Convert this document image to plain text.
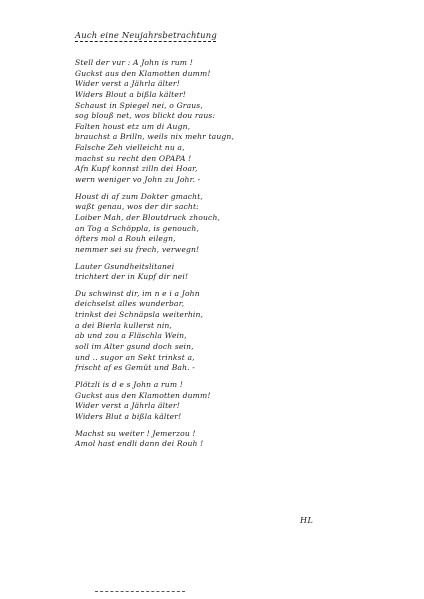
Auch eine Neujahrsbetrachtung
Stell der vur : A John is rum !
Guckst aus den Klamotten dumm!
Wider verst a Jährla älter!
Widers Blout a bißla kälter!
Schaust in Spiegel nei, o Graus,
sog blouß net, wos blickt dou raus:
Falten houst etz um di Augn,
brauchst a Brilln, weils nix mehr taugn,
Falsche Zeh vielleicht nu a,
machst su recht den OPAPA !
Afn Kupf konnst zilln dei Hoar,
wern weniger vo John zu Johr. -
Houst di af zum Dokter gmacht,
waßt genau, wos der dir sacht:
Loiber Mah, der Bloutdruck zhouch,
an Tog a Schöppla, is genouch,
öfters mol a Rouh eilegn,
nemmer sei su frech, verwegn!
Lauter Gsundheitslitanei
trichtert der in Kupf dir nei!
Du schwinst dir, im n e i a John
deichselst alles wunderbar,
trinkst dei Schnäpsla weiterhin,
a dei Bierla kullerst nin,
ab und zou a Fläschla Wein,
soll im Alter gsund doch sein,
und .. sugor an Sekt trinkst a,
frischt af es Gemüt und Bah. -
Plötzli is d e s John a rum !
Guckst aus den Klamotten dumm!
Wider verst a Jährla älter!
Widers Blut a bißla kälter!
Machst su weiter ! Jemerzou !
Amol hast endli dann dei Rouh !
HL
